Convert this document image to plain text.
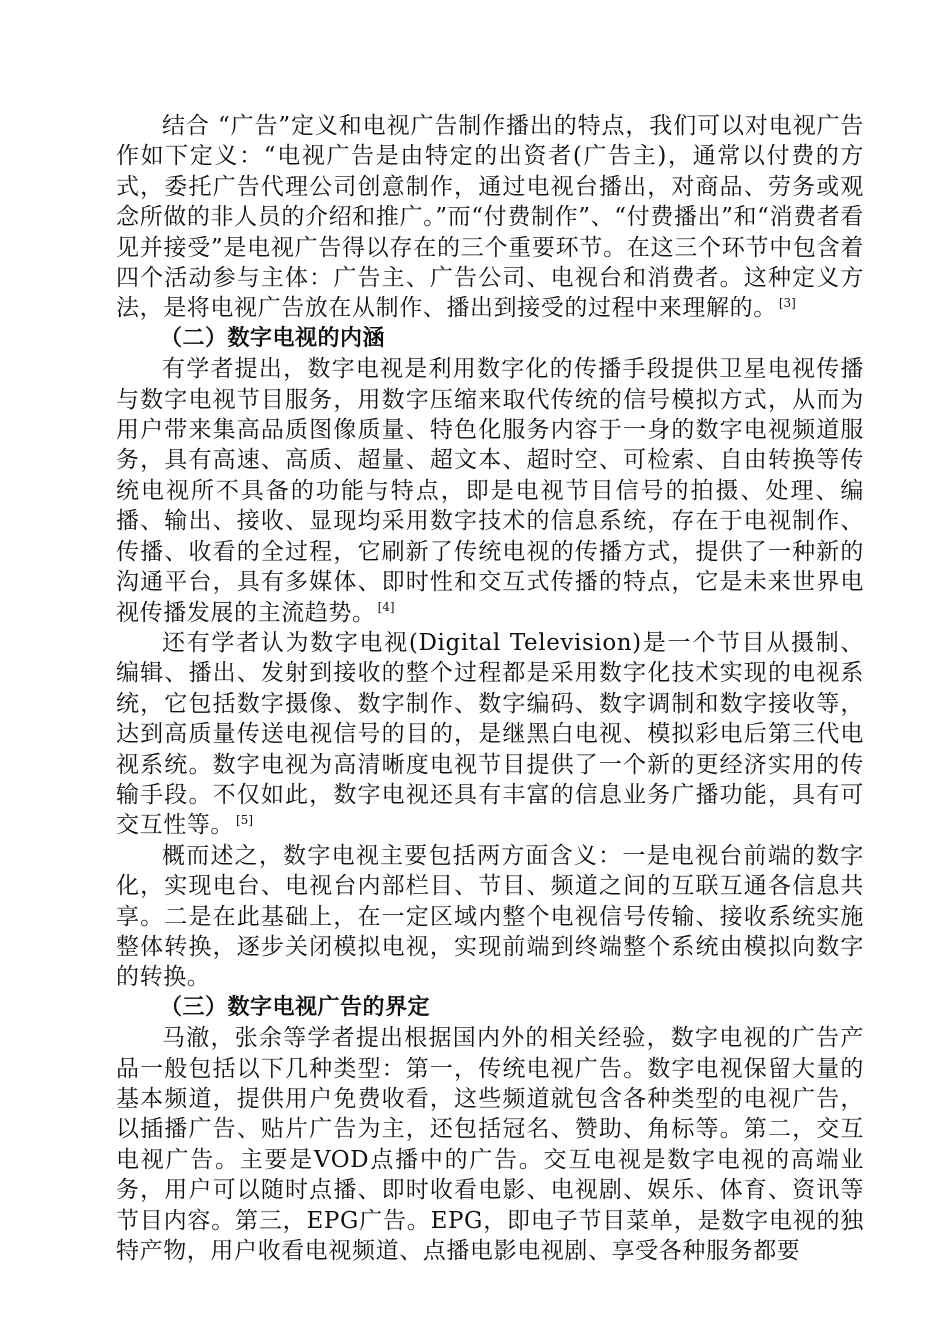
结合 “广告”定义和电视广告制作播出的特点，我们可以对电视广告作如下定义：“电视广告是由特定的出资者(广告主)，通常以付费的方式，委托广告代理公司创意制作，通过电视台播出，对商品、劳务或观念所做的非人员的介绍和推广。”而“付费制作”、“付费播出”和“消费者看见并接受”是电视广告得以存在的三个重要环节。在这三个环节中包含着四个活动参与主体：广告主、广告公司、电视台和消费者。这种定义方法，是将电视广告放在从制作、播出到接受的过程中来理解的。 [3]

（二）数字电视的内涵

有学者提出，数字电视是利用数字化的传播手段提供卫星电视传播与数字电视节目服务，用数字压缩来取代传统的信号模拟方式，从而为用户带来集高品质图像质量、特色化服务内容于一身的数字电视频道服务，具有高速、高质、超量、超文本、超时空、可检索、自由转换等传统电视所不具备的功能与特点，即是电视节目信号的拍摄、处理、编播、输出、接收、显现均采用数字技术的信息系统，存在于电视制作、传播、收看的全过程，它刷新了传统电视的传播方式，提供了一种新的沟通平台，具有多媒体、即时性和交互式传播的特点，它是未来世界电视传播发展的主流趋势。 [4]

还有学者认为数字电视(Digital Television)是一个节目从摄制、编辑、播出、发射到接收的整个过程都是采用数字化技术实现的电视系统，它包括数字摄像、数字制作、数字编码、数字调制和数字接收等，达到高质量传送电视信号的目的，是继黑白电视、模拟彩电后第三代电视系统。数字电视为高清晰度电视节目提供了一个新的更经济实用的传输手段。不仅如此，数字电视还具有丰富的信息业务广播功能，具有可交互性等。 [5]

概而述之，数字电视主要包括两方面含义：一是电视台前端的数字化，实现电台、电视台内部栏目、节目、频道之间的互联互通各信息共享。二是在此基础上，在一定区域内整个电视信号传输、接收系统实施整体转换，逐步关闭模拟电视，实现前端到终端整个系统由模拟向数字的转换。

（三）数字电视广告的界定

马澈，张余等学者提出根据国内外的相关经验，数字电视的广告产品一般包括以下几种类型：第一，传统电视广告。数字电视保留大量的基本频道，提供用户免费收看，这些频道就包含各种类型的电视广告，以插播广告、贴片广告为主，还包括冠名、赞助、角标等。第二，交互电视广告。主要是VOD点播中的广告。交互电视是数字电视的高端业务，用户可以随时点播、即时收看电影、电视剧、娱乐、体育、资讯等节目内容。第三，EPG广告。EPG，即电子节目菜单，是数字电视的独特产物，用户收看电视频道、点播电影电视剧、享受各种服务都要
